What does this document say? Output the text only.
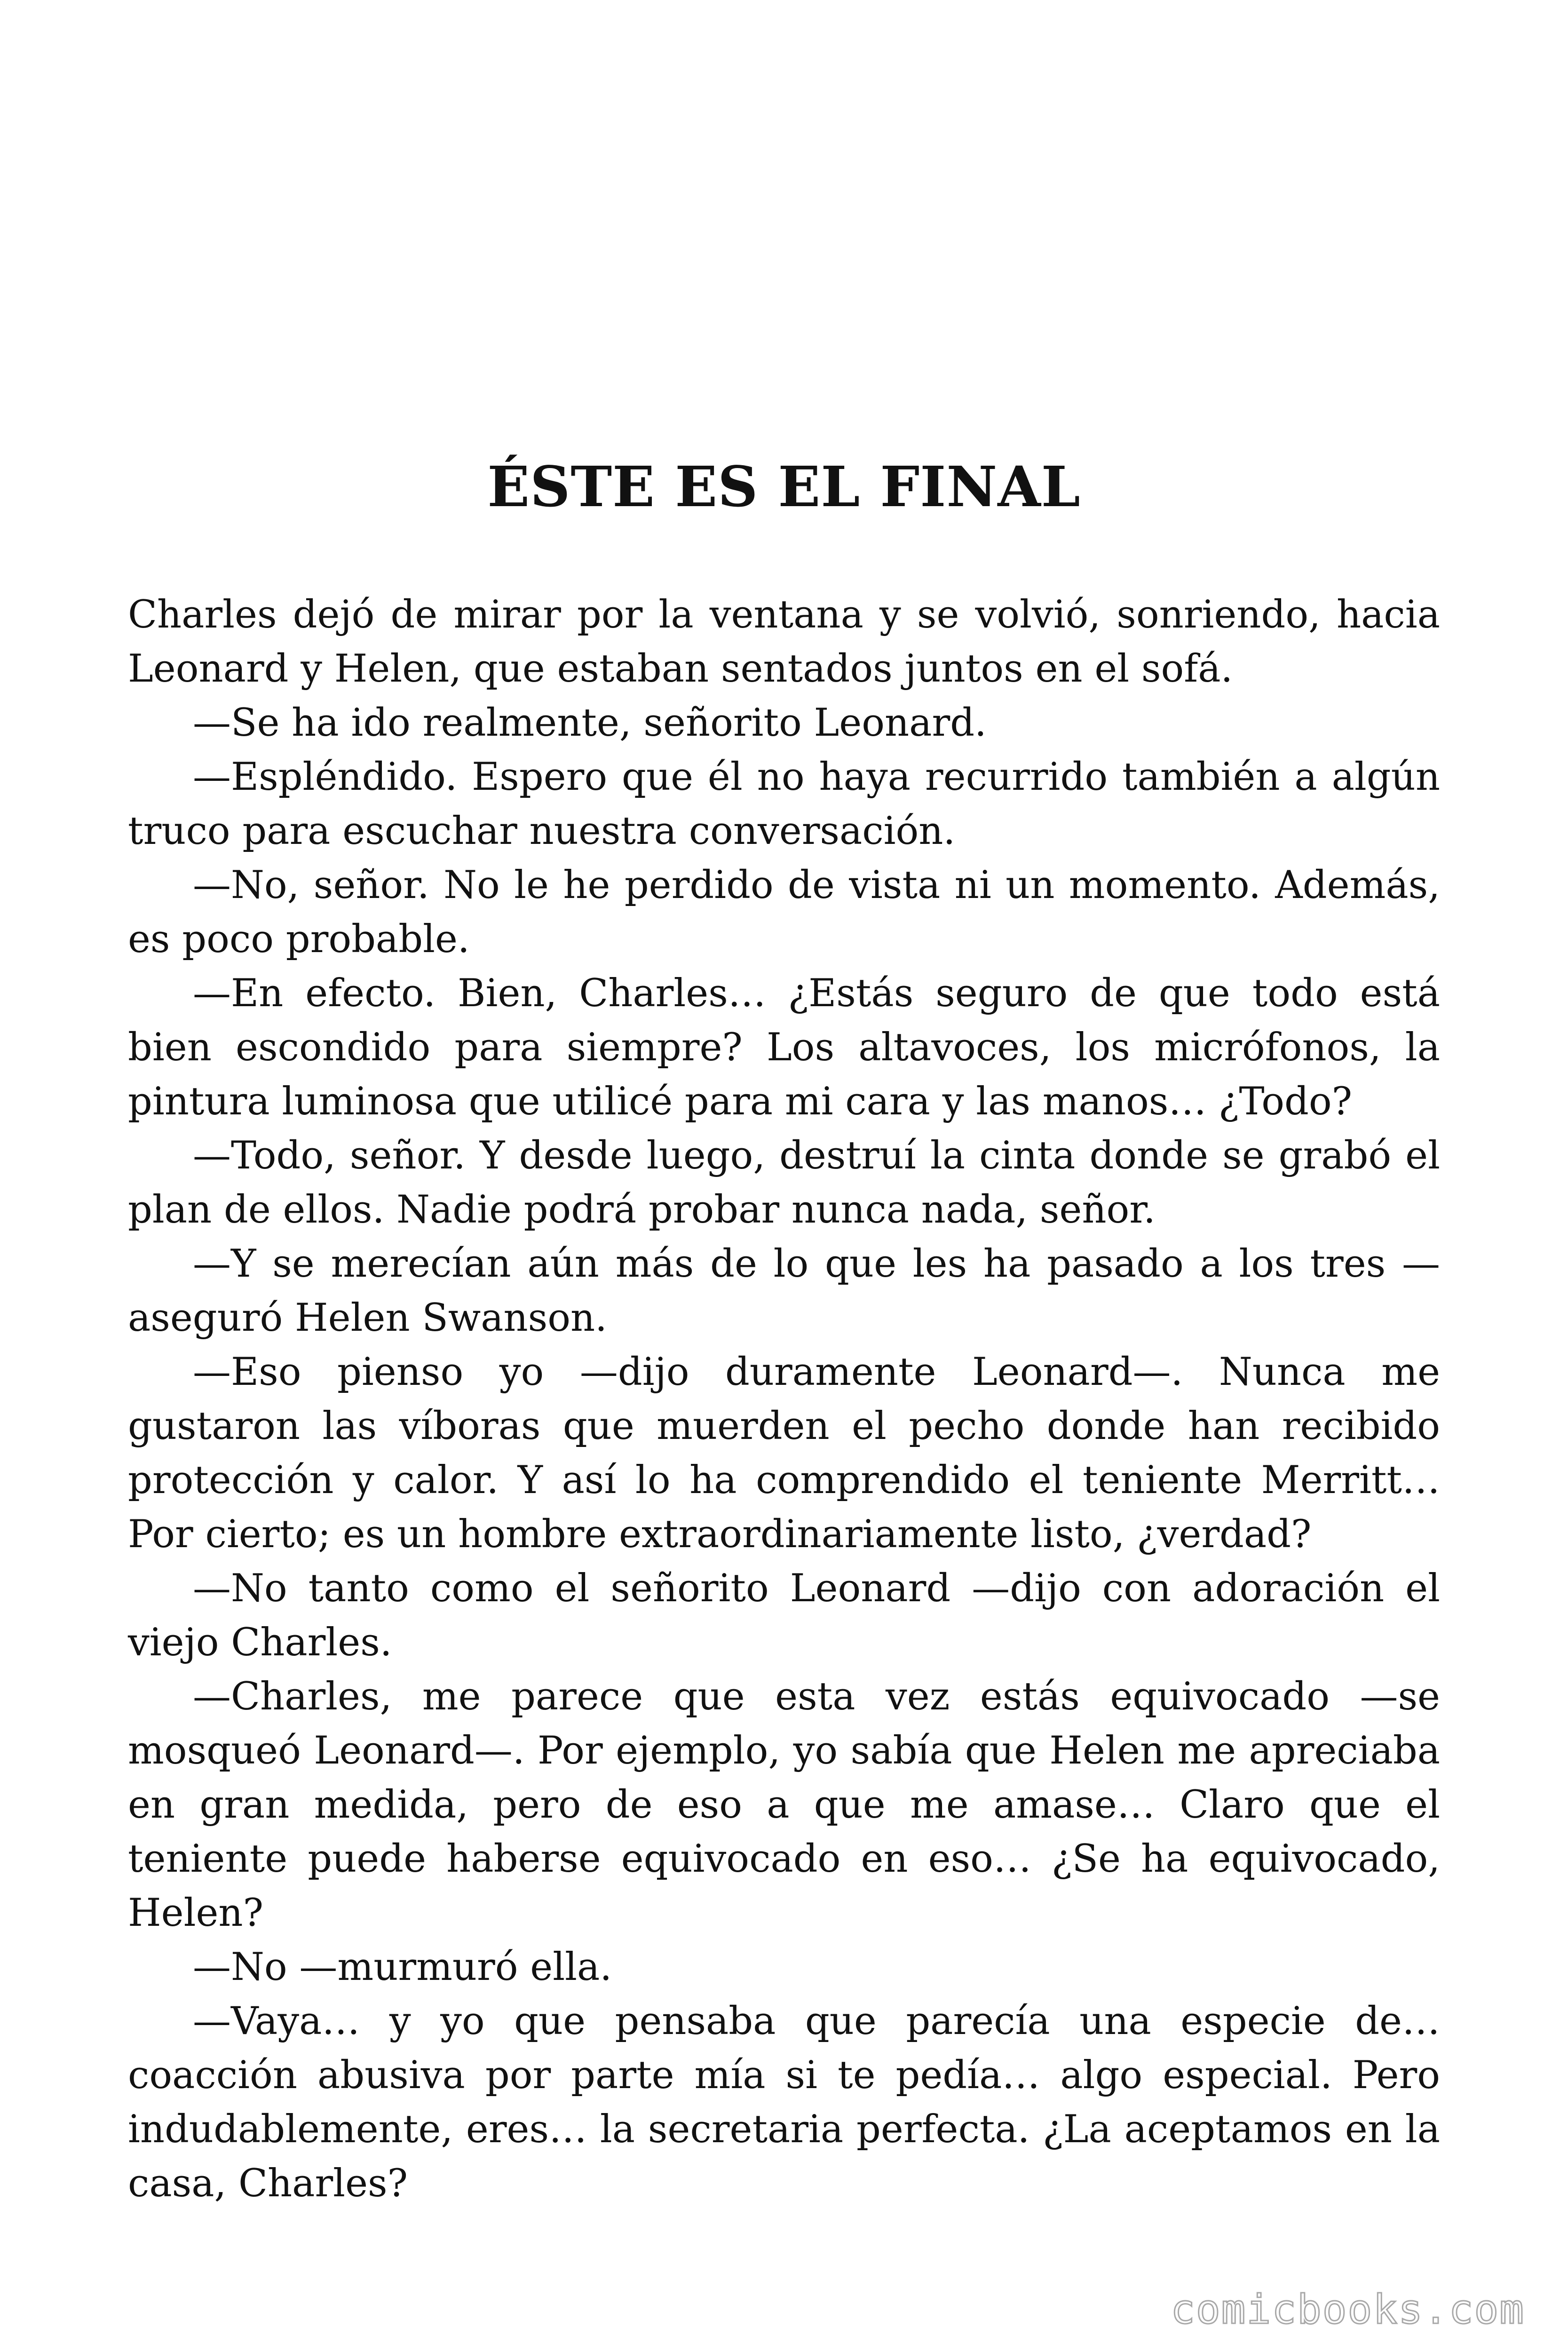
ÉSTE ES EL FINAL

Charles dejó de mirar por la ventana y se volvió, sonriendo, hacia Leonard y Helen, que estaban sentados juntos en el sofá.

—Se ha ido realmente, señorito Leonard.

—Espléndido. Espero que él no haya recurrido también a algún truco para escuchar nuestra conversación.

—No, señor. No le he perdido de vista ni un momento. Además, es poco probable.

—En efecto. Bien, Charles… ¿Estás seguro de que todo está bien escondido para siempre? Los altavoces, los micrófonos, la pintura luminosa que utilicé para mi cara y las manos… ¿Todo?

—Todo, señor. Y desde luego, destruí la cinta donde se grabó el plan de ellos. Nadie podrá probar nunca nada, señor.

—Y se merecían aún más de lo que les ha pasado a los tres —aseguró Helen Swanson.

—Eso pienso yo —dijo duramente Leonard—. Nunca me gustaron las víboras que muerden el pecho donde han recibido protección y calor. Y así lo ha comprendido el teniente Merritt… Por cierto; es un hombre extraordinariamente listo, ¿verdad?

—No tanto como el señorito Leonard —dijo con adoración el viejo Charles.

—Charles, me parece que esta vez estás equivocado —se mosqueó Leonard—. Por ejemplo, yo sabía que Helen me apreciaba en gran medida, pero de eso a que me amase… Claro que el teniente puede haberse equivocado en eso… ¿Se ha equivocado, Helen?

—No —murmuró ella.

—Vaya… y yo que pensaba que parecía una especie de… coacción abusiva por parte mía si te pedía… algo especial. Pero indudablemente, eres… la secretaria perfecta. ¿La aceptamos en la casa, Charles?

comicbooks.com
